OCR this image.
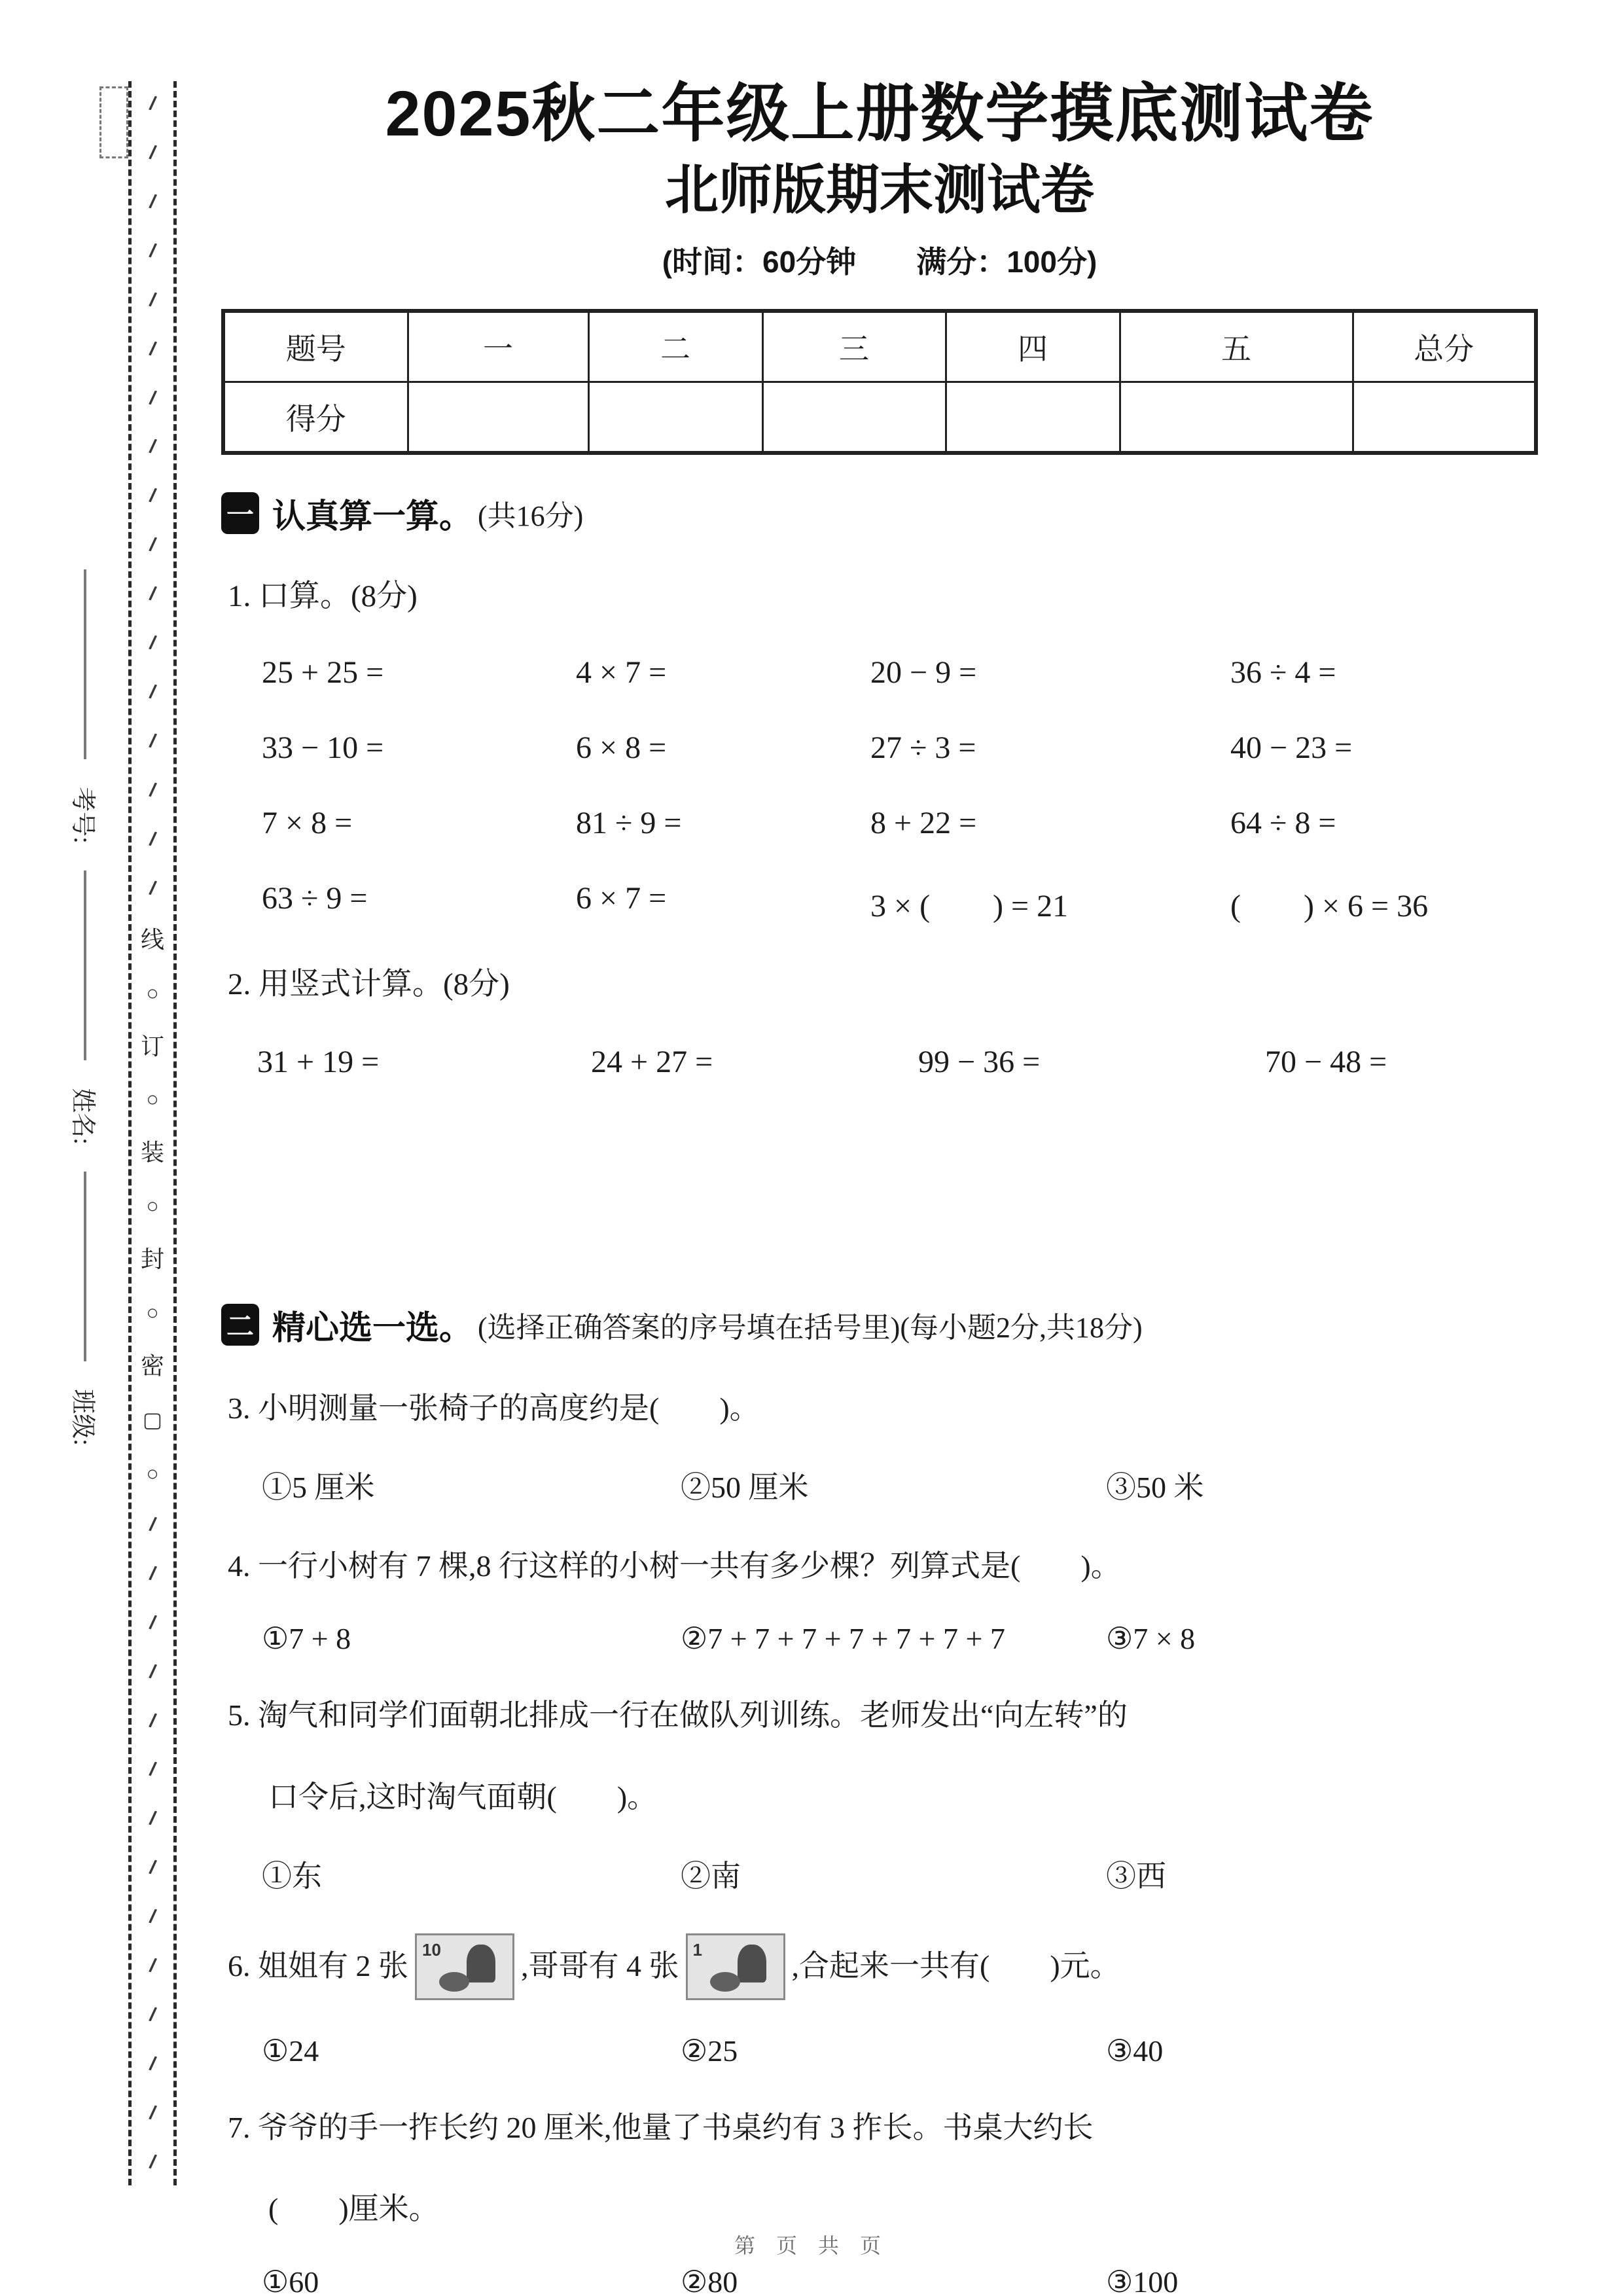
/
/
/
/
/
/
/
/
/
/
/
/
/
/
/
/
/
线
○
订
○
装
○
封
○
密
▢
○
/
/
/
/
/
/
/
/
/
/
/
/
/
/
考号:
姓名:
班级:
2025秋二年级上册数学摸底测试卷
北师版期末测试卷
(时间：60分钟　　满分：100分)
题号	一	二	三	四	五	总分
得分						
一 认真算一算。 (共16分)
1. 口算。(8分)
25 + 25 =	4 × 7 =	20 − 9 =	36 ÷ 4 =
33 − 10 =	6 × 8 =	27 ÷ 3 =	40 − 23 =
7 × 8 =	81 ÷ 9 =	8 + 22 =	64 ÷ 8 =
63 ÷ 9 =	6 × 7 =	3 × (　　) = 21	(　　) × 6 = 36
2. 用竖式计算。(8分)
31 + 19 =	24 + 27 =	99 − 36 =	70 − 48 =
二 精心选一选。 (选择正确答案的序号填在括号里)(每小题2分,共18分)
3. 小明测量一张椅子的高度约是(　　)。
①5 厘米	②50 厘米	③50 米
4. 一行小树有 7 棵,8 行这样的小树一共有多少棵？列算式是(　　)。
①7 + 8	②7 + 7 + 7 + 7 + 7 + 7 + 7	③7 × 8
5. 淘气和同学们面朝北排成一行在做队列训练。老师发出“向左转”的
口令后,这时淘气面朝(　　)。
①东	②南	③西
6. 姐姐有 2 张 10	,哥哥有 4 张 1	,合起来一共有(　　)元。
①24	②25	③40
7. 爷爷的手一拃长约 20 厘米,他量了书桌约有 3 拃长。书桌大约长
(　　)厘米。
①60	②80	③100
第 页 共 页
